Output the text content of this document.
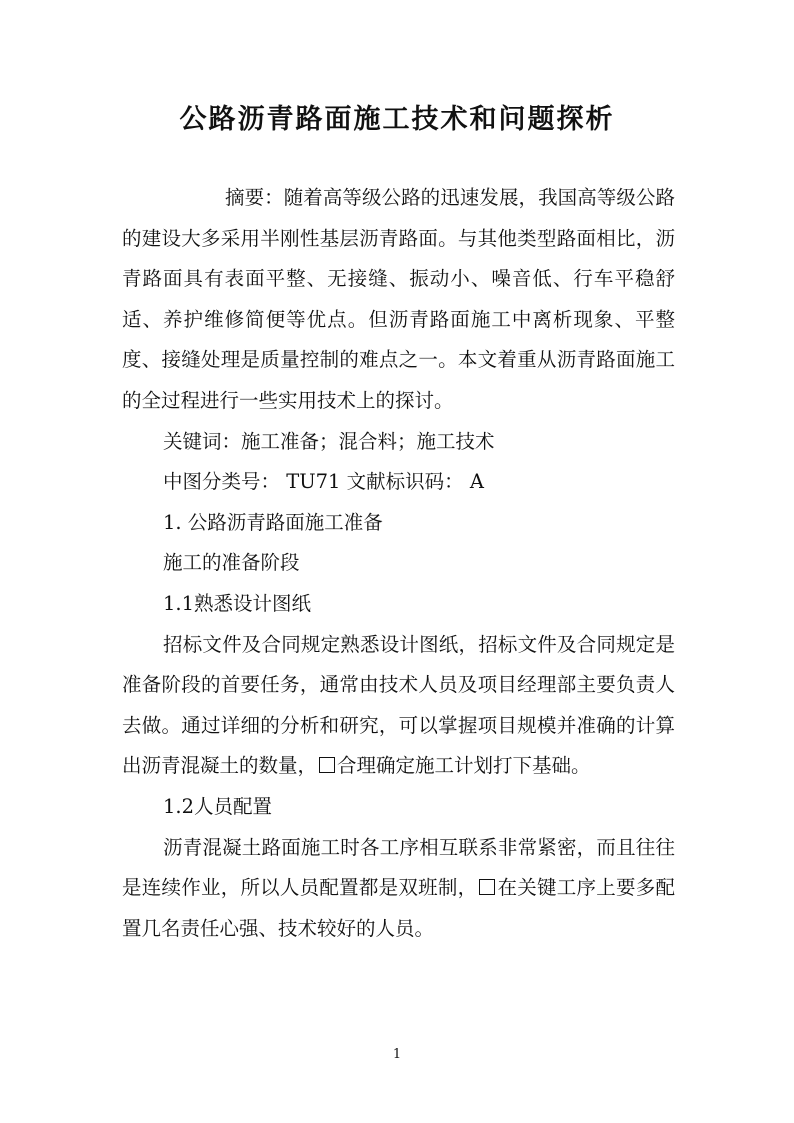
公路沥青路面施工技术和问题探析

摘要：随着高等级公路的迅速发展，我国高等级公路的建设大多采用半刚性基层沥青路面。与其他类型路面相比，沥青路面具有表面平整、无接缝、振动小、噪音低、行车平稳舒适、养护维修简便等优点。但沥青路面施工中离析现象、平整度、接缝处理是质量控制的难点之一。本文着重从沥青路面施工的全过程进行一些实用技术上的探讨。

关键词：施工准备；混合料；施工技术

中图分类号： TU71 文献标识码： A

1. 公路沥青路面施工准备

施工的准备阶段

1.1熟悉设计图纸

招标文件及合同规定熟悉设计图纸，招标文件及合同规定是准备阶段的首要任务，通常由技术人员及项目经理部主要负责人去做。通过详细的分析和研究，可以掌握项目规模并准确的计算出沥青混凝土的数量， 合理确定施工计划打下基础。

1.2人员配置

沥青混凝土路面施工时各工序相互联系非常紧密，而且往往是连续作业，所以人员配置都是双班制， 在关键工序上要多配置几名责任心强、技术较好的人员。

1
